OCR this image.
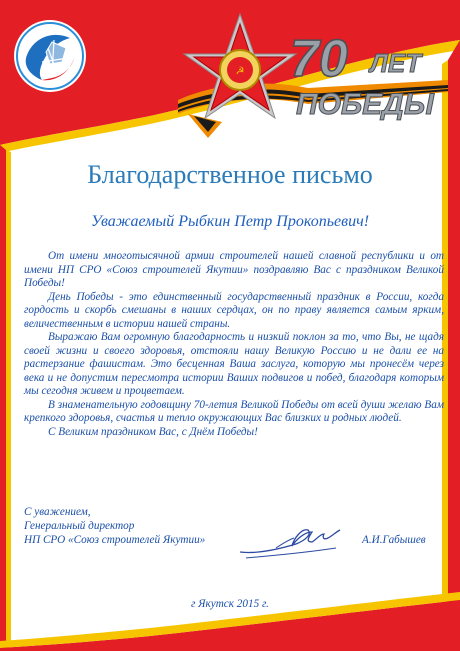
☭ 70 ЛЕТ
ПОБЕДЫ
Благодарственное письмо
Уважаемый Рыбкин Петр Прокопьевич!

От имени многотысячной армии строителей нашей славной республики и от имени НП СРО «Союз строителей Якутии» поздравляю Вас с праздником Великой Победы!

День Победы - это единственный государственный праздник в России, когда гордость и скорбь смешаны в наших сердцах, он по праву является самым ярким, величественным в истории нашей страны.

Выражаю Вам огромную благодарность и низкий поклон за то, что Вы, не щадя своей жизни и своего здоровья, отстояли нашу Великую Россию и не дали ее на растерзание фашистам. Это бесценная Ваша заслуга, которую мы пронесём через века и не допустим пересмотра истории Ваших подвигов и побед, благодаря которым мы сегодня живем и процветаем.

В знаменательную годовщину 70-летия Великой Победы от всей души желаю Вам крепкого здоровья, счастья и тепло окружающих Вас близких и родных людей.

С Великим праздником Вас, с Днём Победы!

С уважением,
Генеральный директор
НП СРО «Союз строителей Якутии»	А.И.Габышев
г Якутск 2015 г.
